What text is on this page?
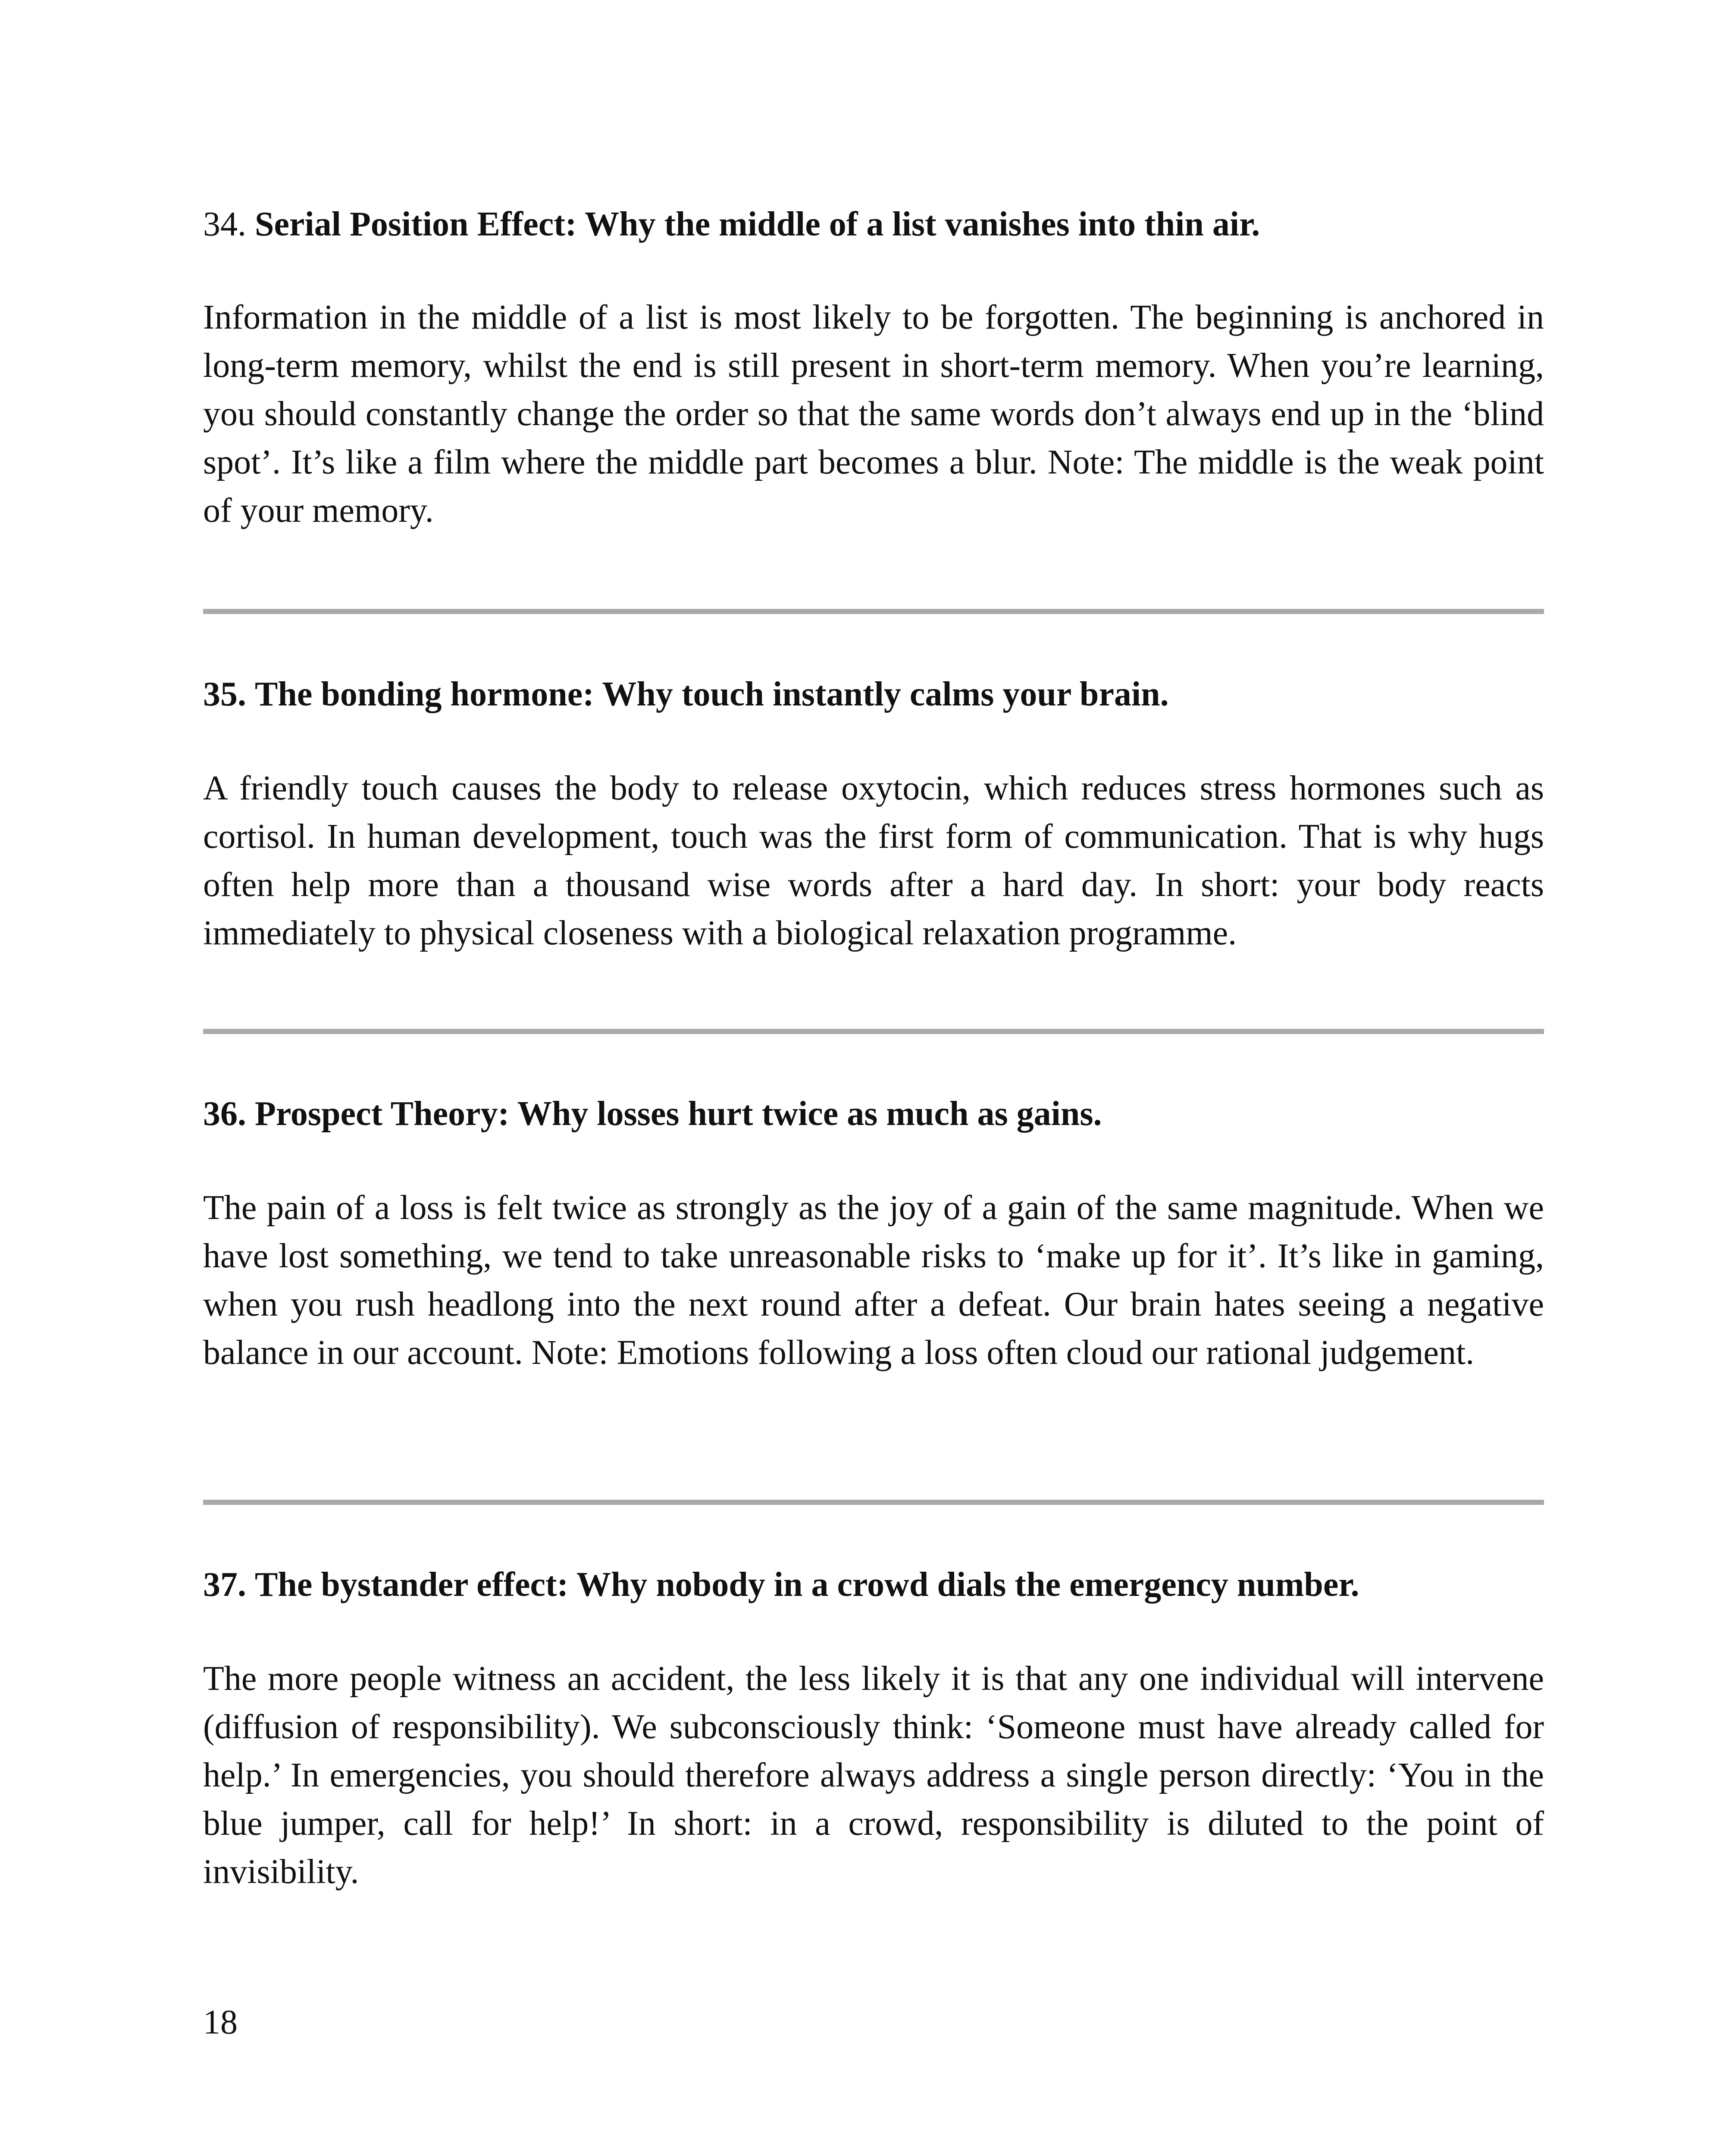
34. Serial Position Effect: Why the middle of a list vanishes into thin air.

Information in the middle of a list is most likely to be forgotten. The beginning is anchored in long-term memory, whilst the end is still present in short-term memory. When you’re learning, you should constantly change the order so that the same words don’t always end up in the ‘blind spot’. It’s like a film where the middle part becomes a blur. Note: The middle is the weak point of your memory.

35. The bonding hormone: Why touch instantly calms your brain.

A friendly touch causes the body to release oxytocin, which reduces stress hormones such as cortisol. In human development, touch was the first form of communication. That is why hugs often help more than a thousand wise words after a hard day. In short: your body reacts immediately to physical closeness with a biological relaxation programme.

36. Prospect Theory: Why losses hurt twice as much as gains.

The pain of a loss is felt twice as strongly as the joy of a gain of the same magnitude. When we have lost something, we tend to take unreasonable risks to ‘make up for it’. It’s like in gaming, when you rush headlong into the next round after a defeat. Our brain hates seeing a negative balance in our account. Note: Emotions following a loss often cloud our rational judgement.

37. The bystander effect: Why nobody in a crowd dials the emergency number.

The more people witness an accident, the less likely it is that any one individual will intervene (diffusion of responsibility). We subconsciously think: ‘Someone must have already called for help.’ In emergencies, you should therefore always address a single person directly: ‘You in the blue jumper, call for help!’ In short: in a crowd, responsibility is diluted to the point of invisibility.

18
